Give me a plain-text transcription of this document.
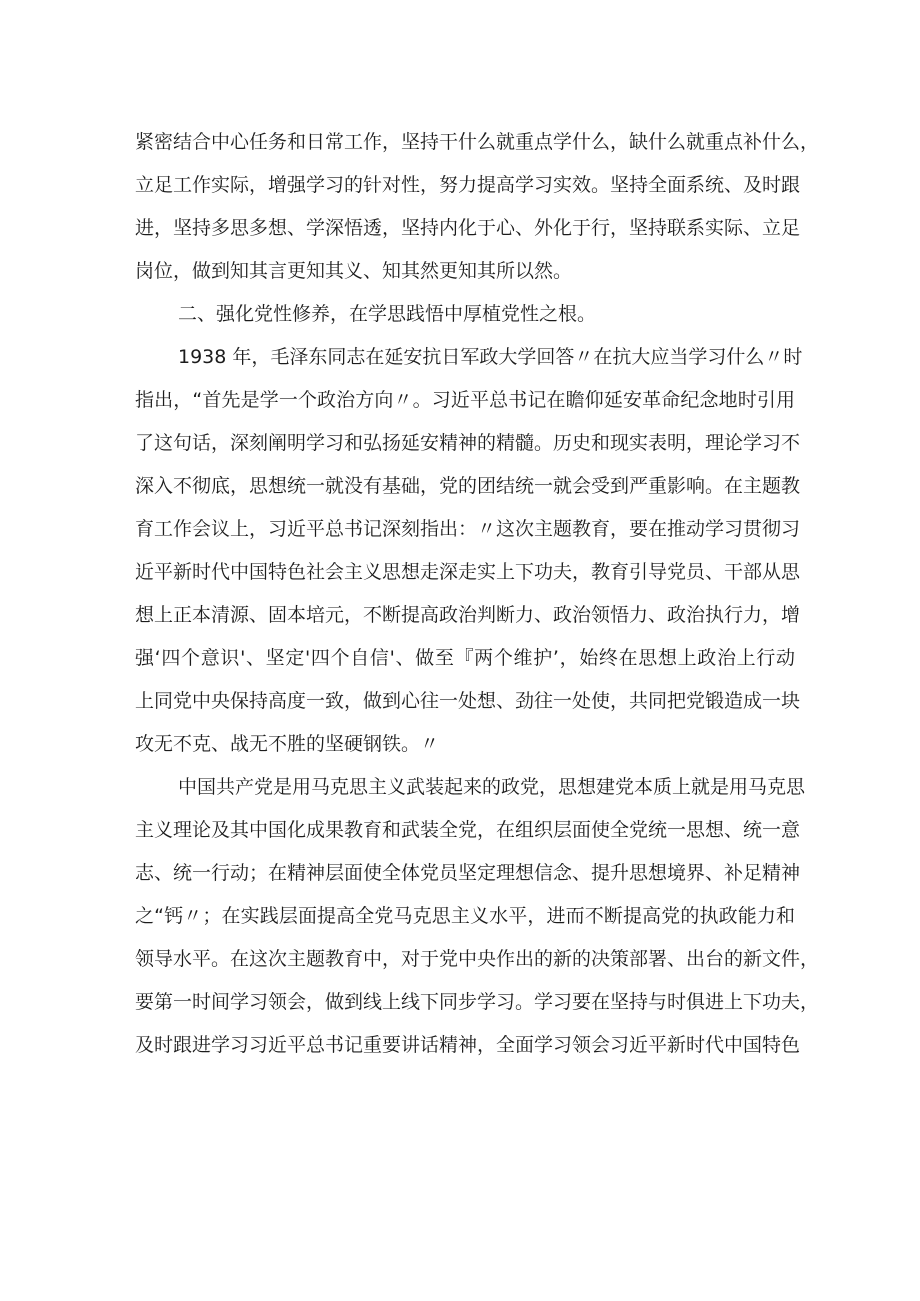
紧密结合中心任务和日常工作，坚持干什么就重点学什么，缺什么就重点补什么，
立足工作实际，增强学习的针对性，努力提高学习实效。坚持全面系统、及时跟
进，坚持多思多想、学深悟透，坚持内化于心、外化于行，坚持联系实际、立足
岗位，做到知其言更知其义、知其然更知其所以然。
二、强化党性修养，在学思践悟中厚植党性之根。
1938 年，毛泽东同志在延安抗日军政大学回答〃在抗大应当学习什么〃时
指出，“首先是学一个政治方向〃。习近平总书记在瞻仰延安革命纪念地时引用
了这句话，深刻阐明学习和弘扬延安精神的精髓。历史和现实表明，理论学习不
深入不彻底，思想统一就没有基础，党的团结统一就会受到严重影响。在主题教
育工作会议上，习近平总书记深刻指出：〃这次主题教育，要在推动学习贯彻习
近平新时代中国特色社会主义思想走深走实上下功夫，教育引导党员、干部从思
想上正本清源、固本培元，不断提高政治判断力、政治领悟力、政治执行力，增
强‘四个意识'、坚定'四个自信'、做至『两个维护’，始终在思想上政治上行动
上同党中央保持高度一致，做到心往一处想、劲往一处使，共同把党锻造成一块
攻无不克、战无不胜的坚硬钢铁。〃
中国共产党是用马克思主义武装起来的政党，思想建党本质上就是用马克思
主义理论及其中国化成果教育和武装全党，在组织层面使全党统一思想、统一意
志、统一行动；在精神层面使全体党员坚定理想信念、提升思想境界、补足精神
之“钙〃；在实践层面提高全党马克思主义水平，进而不断提高党的执政能力和
领导水平。在这次主题教育中，对于党中央作出的新的决策部署、出台的新文件，
要第一时间学习领会，做到线上线下同步学习。学习要在坚持与时俱进上下功夫，
及时跟进学习习近平总书记重要讲话精神，全面学习领会习近平新时代中国特色
